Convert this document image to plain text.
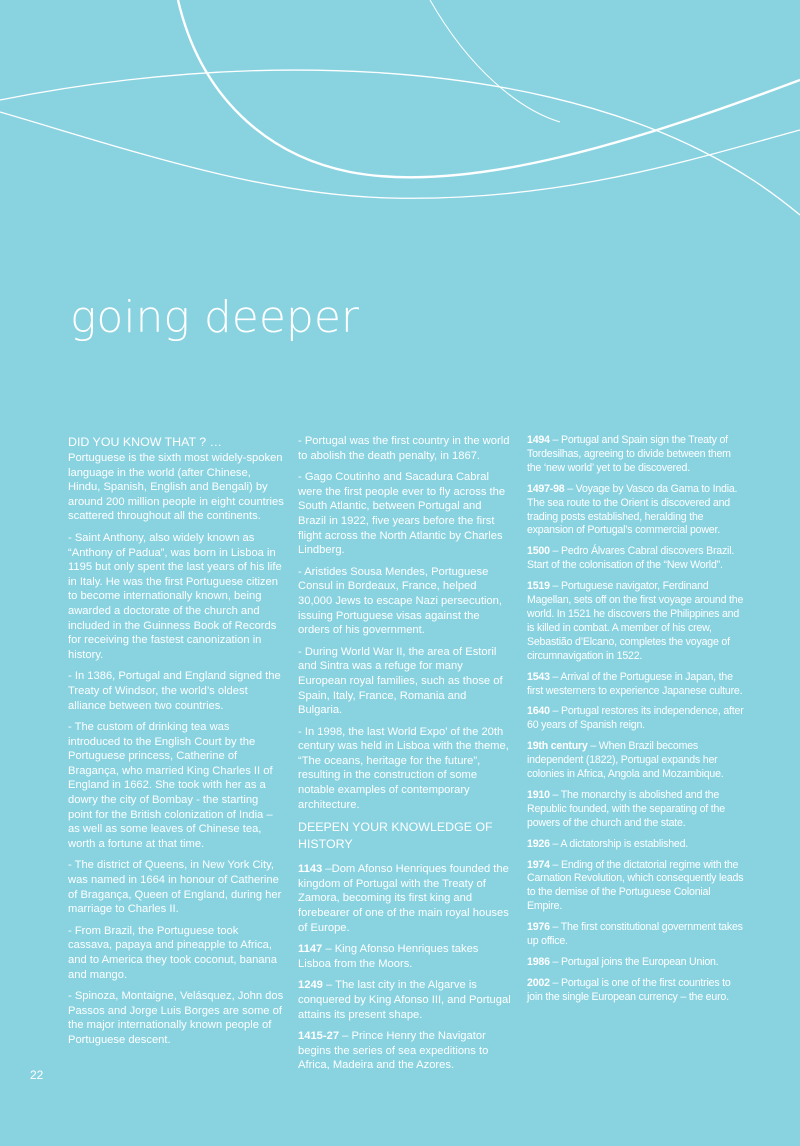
going deeper
DID YOU KNOW THAT ? …

Portuguese is the sixth most widely-spoken language in the world (after Chinese, Hindu, Spanish, English and Bengali) by around 200 million people in eight countries scattered throughout all the continents.

- Saint Anthony, also widely known as “Anthony of Padua”, was born in Lisboa in 1195 but only spent the last years of his life in Italy. He was the first Portuguese citizen to become internationally known, being awarded a doctorate of the church and included in the Guinness Book of Records for receiving the fastest canonization in history.

- In 1386, Portugal and England signed the Treaty of Windsor, the world’s oldest alliance between two countries.

- The custom of drinking tea was introduced to the English Court by the Portuguese princess, Catherine of Bragança, who married King Charles II of England in 1662. She took with her as a dowry the city of Bombay - the starting point for the British colonization of India – as well as some leaves of Chinese tea, worth a fortune at that time.

- The district of Queens, in New York City, was named in 1664 in honour of Catherine of Bragança, Queen of England, during her marriage to Charles II.

- From Brazil, the Portuguese took cassava, papaya and pineapple to Africa, and to America they took coconut, banana and mango.

- Spinoza, Montaigne, Velásquez, John dos Passos and Jorge Luis Borges are some of the major internationally known people of Portuguese descent.

- Portugal was the first country in the world to abolish the death penalty, in 1867.

- Gago Coutinho and Sacadura Cabral were the first people ever to fly across the South Atlantic, between Portugal and Brazil in 1922, five years before the first flight across the North Atlantic by Charles Lindberg.

- Aristides Sousa Mendes, Portuguese Consul in Bordeaux, France, helped 30,000 Jews to escape Nazi persecution, issuing Portuguese visas against the orders of his government.

- During World War II, the area of Estoril and Sintra was a refuge for many European royal families, such as those of Spain, Italy, France, Romania and Bulgaria.

- In 1998, the last World Expo’ of the 20th century was held in Lisboa with the theme, “The oceans, heritage for the future”, resulting in the construction of some notable examples of contemporary architecture.

DEEPEN YOUR KNOWLEDGE OF HISTORY

1143 –Dom Afonso Henriques founded the kingdom of Portugal with the Treaty of Zamora, becoming its first king and forebearer of one of the main royal houses of Europe.

1147 – King Afonso Henriques takes Lisboa from the Moors.

1249 – The last city in the Algarve is conquered by King Afonso III, and Portugal attains its present shape.

1415-27 – Prince Henry the Navigator begins the series of sea expeditions to Africa, Madeira and the Azores.

1494 – Portugal and Spain sign the Treaty of Tordesilhas, agreeing to divide between them the ‘new world’ yet to be discovered.

1497-98 – Voyage by Vasco da Gama to India. The sea route to the Orient is discovered and trading posts established, heralding the expansion of Portugal’s commercial power.

1500 – Pedro Álvares Cabral discovers Brazil. Start of the colonisation of the “New World”.

1519 – Portuguese navigator, Ferdinand Magellan, sets off on the first voyage around the world. In 1521 he discovers the Philippines and is killed in combat. A member of his crew, Sebastião d’Elcano, completes the voyage of circumnavigation in 1522.

1543 – Arrival of the Portuguese in Japan, the first westerners to experience Japanese culture.

1640 – Portugal restores its independence, after 60 years of Spanish reign.

19th century – When Brazil becomes independent (1822), Portugal expands her colonies in Africa, Angola and Mozambique.

1910 – The monarchy is abolished and the Republic founded, with the separating of the powers of the church and the state.

1926 – A dictatorship is established.

1974 – Ending of the dictatorial regime with the Carnation Revolution, which consequently leads to the demise of the Portuguese Colonial Empire.

1976 – The first constitutional government takes up office.

1986 – Portugal joins the European Union.

2002 – Portugal is one of the first countries to join the single European currency – the euro.

22
